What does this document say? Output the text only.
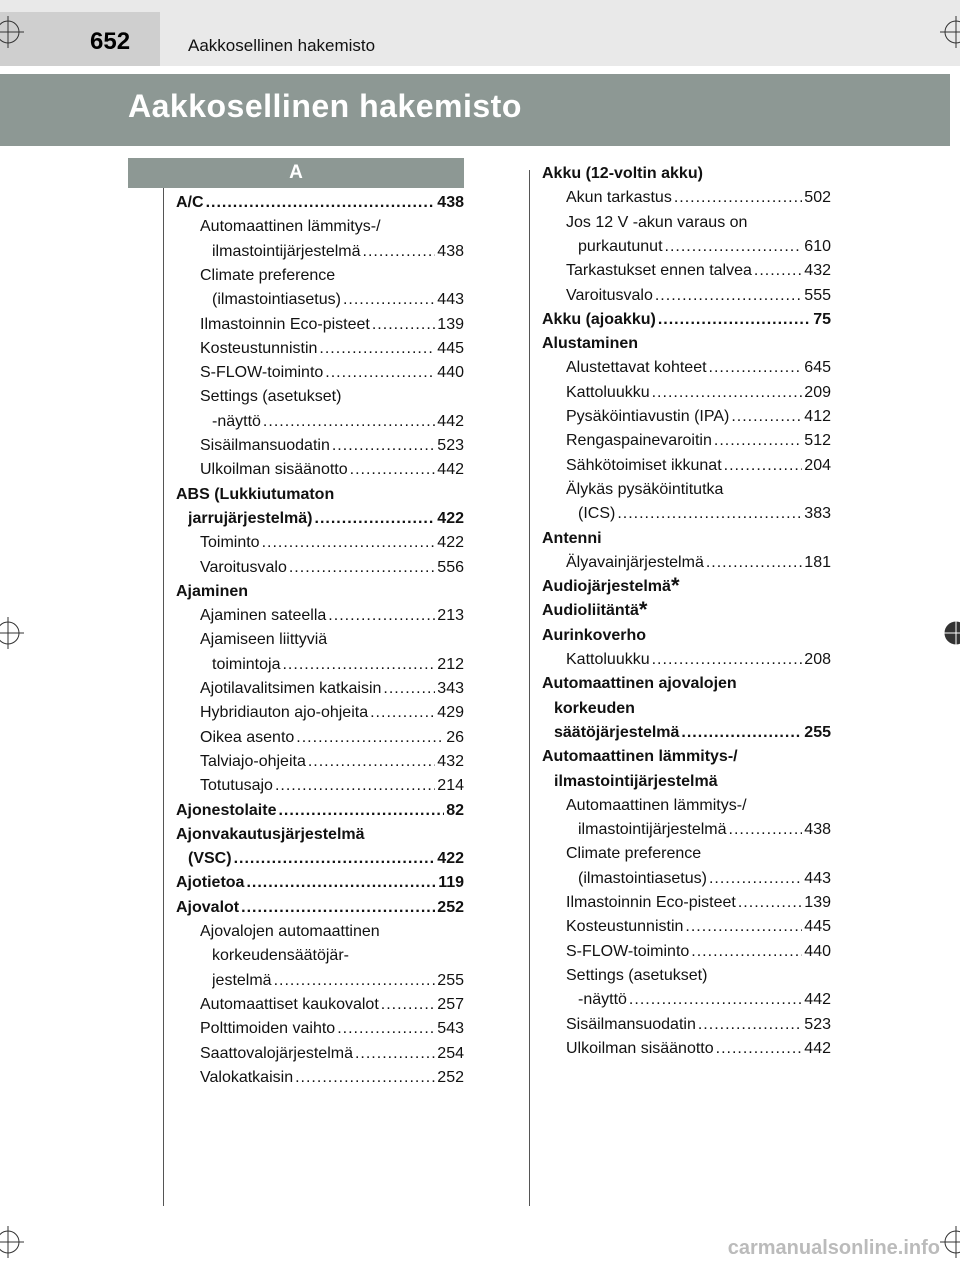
652	Aakkosellinen hakemisto
Aakkosellinen hakemisto
A
A/C .....	438
Automaattinen lämmitys-/
ilmastointijärjestelmä .....	438
Climate preference
(ilmastointiasetus) .....	443
Ilmastoinnin Eco-pisteet .....	139
Kosteustunnistin .....	445
S-FLOW-toiminto .....	440
Settings (asetukset)
-näyttö .....	442
Sisäilmansuodatin .....	523
Ulkoilman sisäänotto .....	442
ABS (Lukkiutumaton
jarrujärjestelmä) .....	422
Toiminto .....	422
Varoitusvalo .....	556
Ajaminen
Ajaminen sateella .....	213
Ajamiseen liittyviä
toimintoja .....	212
Ajotilavalitsimen katkaisin .....	343
Hybridiauton ajo-ohjeita .....	429
Oikea asento .....	26
Talviajo-ohjeita .....	432
Totutusajo .....	214
Ajonestolaite .....	82
Ajonvakautusjärjestelmä
(VSC) .....	422
Ajotietoa .....	119
Ajovalot .....	252
Ajovalojen automaattinen
korkeudensäätöjär-
jestelmä .....	255
Automaattiset kaukovalot .....	257
Polttimoiden vaihto .....	543
Saattovalojärjestelmä .....	254
Valokatkaisin .....	252
Akku (12-voltin akku)
Akun tarkastus .....	502
Jos 12 V -akun varaus on
purkautunut .....	610
Tarkastukset ennen talvea .....	432
Varoitusvalo .....	555
Akku (ajoakku) .....	75
Alustaminen
Alustettavat kohteet .....	645
Kattoluukku .....	209
Pysäköintiavustin (IPA) .....	412
Rengaspainevaroitin .....	512
Sähkötoimiset ikkunat .....	204
Älykäs pysäköintitutka
(ICS) .....	383
Antenni
Älyavainjärjestelmä .....	181
Audiojärjestelmä*
Audioliitäntä*
Aurinkoverho
Kattoluukku .....	208
Automaattinen ajovalojen
korkeuden
säätöjärjestelmä .....	255
Automaattinen lämmitys-/
ilmastointijärjestelmä
Automaattinen lämmitys-/
ilmastointijärjestelmä .....	438
Climate preference
(ilmastointiasetus) .....	443
Ilmastoinnin Eco-pisteet .....	139
Kosteustunnistin .....	445
S-FLOW-toiminto .....	440
Settings (asetukset)
-näyttö .....	442
Sisäilmansuodatin .....	523
Ulkoilman sisäänotto .....	442
carmanualsonline.info
